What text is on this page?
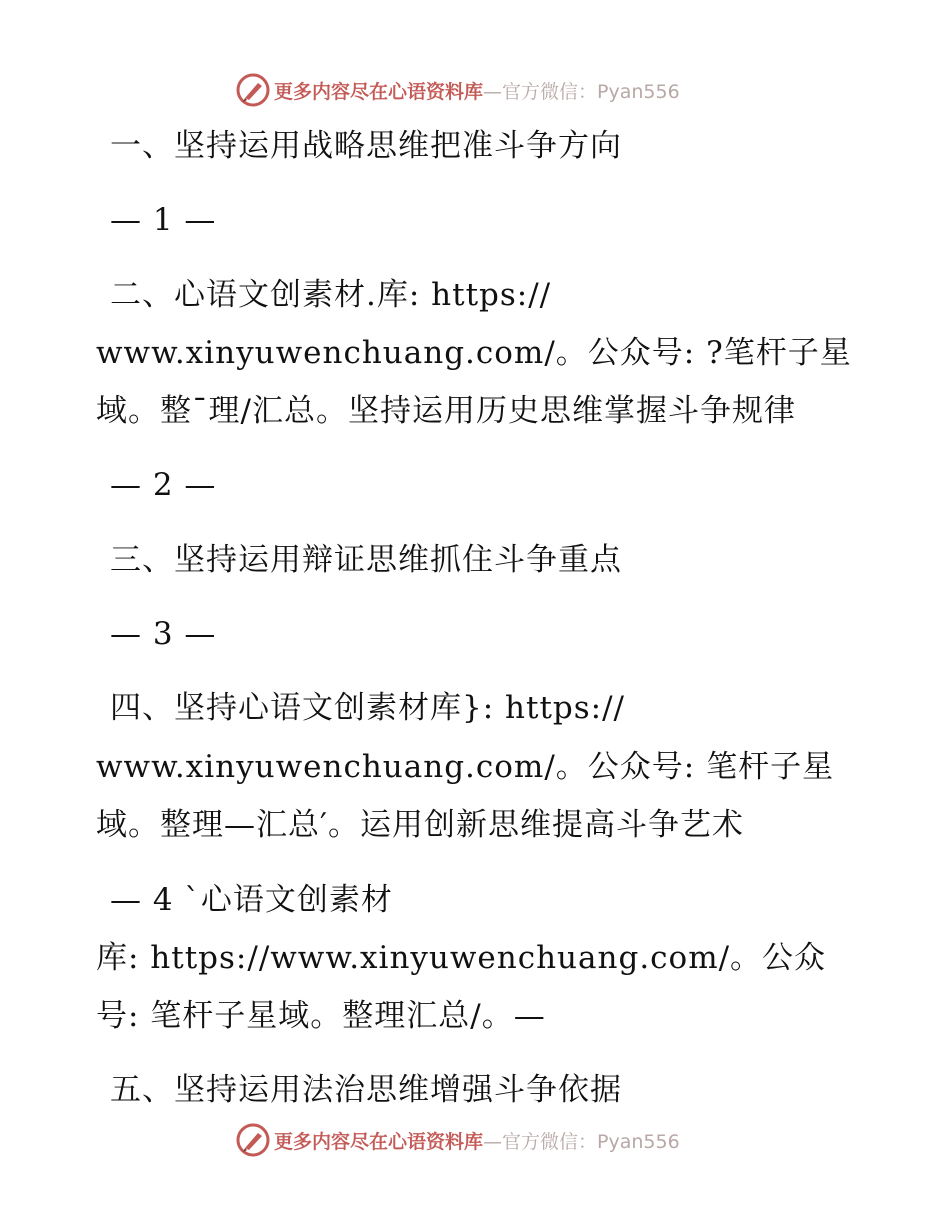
更多内容尽在心语资料库 —官方微信：Pyan556
一、坚持运用战略思维把准斗争方向
— 1 —
二、心语文创素材.库: https://
www.xinyuwenchuang.com/。公众号: ?笔杆子星
域。整¯理/汇总。坚持运用历史思维掌握斗争规律
— 2 —
三、坚持运用辩证思维抓住斗争重点
— 3 —
四、坚持心语文创素材库}: https://
www.xinyuwenchuang.com/。公众号: 笔杆子星
域。整理—汇总′。运用创新思维提高斗争艺术
— 4 `心语文创素材
库: https://www.xinyuwenchuang.com/。公众
号: 笔杆子星域。整理汇总/。—
五、坚持运用法治思维增强斗争依据
更多内容尽在心语资料库 —官方微信：Pyan556
